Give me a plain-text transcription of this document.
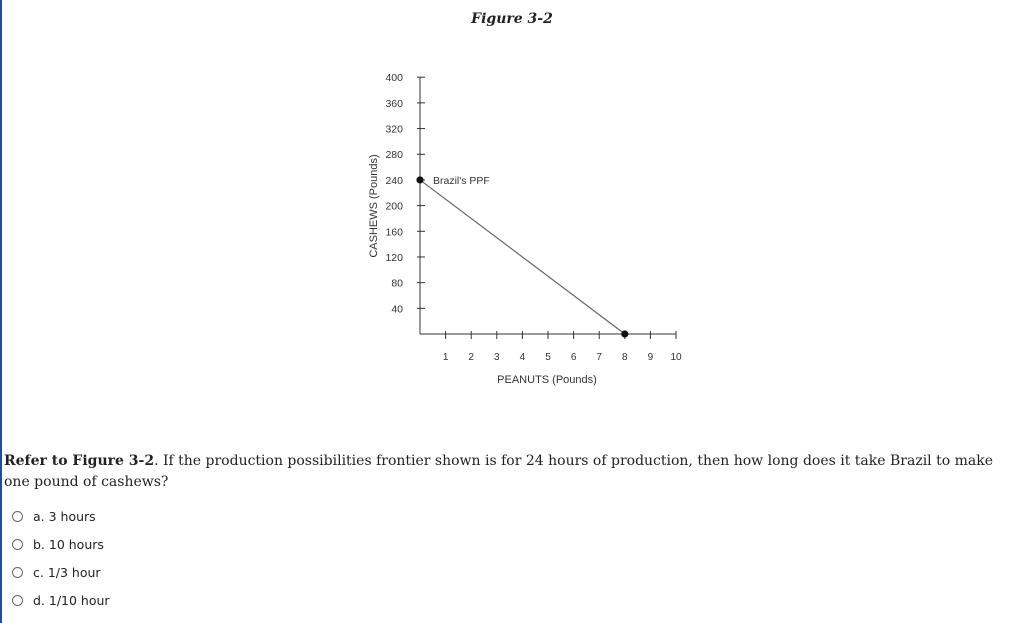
Figure 3-2
40
80
120
160
200
240
280
320
360
400
1 2 3 4 5 6 7 8 9 10
Brazil's PPF
PEANUTS (Pounds)
CASHEWS (Pounds)
Refer to Figure 3-2. If the production possibilities frontier shown is for 24 hours of production, then how long does it take Brazil to make one pound of cashews?
a. 3 hours
b. 10 hours
c. 1/3 hour
d. 1/10 hour
